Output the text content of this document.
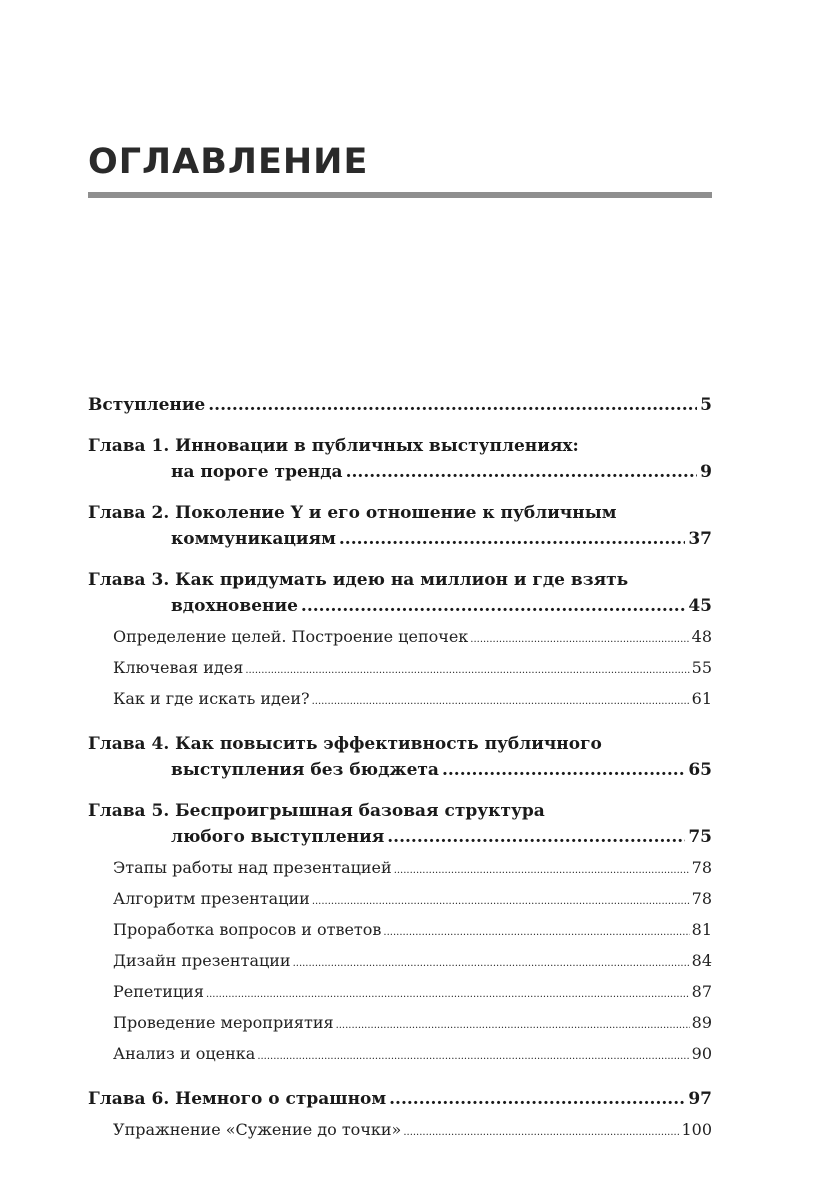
ОГЛАВЛЕНИЕ
Вступление .....	5
Глава 1.
Инновации в публичных выступлениях:
на пороге тренда .....	9
Глава 2.
Поколение Y и его отношение к публичным
коммуникациям .....	37
Глава 3.
Как придумать идею на миллион и где взять
вдохновение .....	45
Определение целей. Построение цепочек .....	48
Ключевая идея .....	55
Как и где искать идеи? .....	61
Глава 4.
Как повысить эффективность публичного
выступления без бюджета .....	65
Глава 5.
Беспроигрышная базовая структура
любого выступления .....	75
Этапы работы над презентацией .....	78
Алгоритм презентации .....	78
Проработка вопросов и ответов .....	81
Дизайн презентации .....	84
Репетиция .....	87
Проведение мероприятия .....	89
Анализ и оценка .....	90
Глава 6.
Немного о страшном .....	97
Упражнение «Сужение до точки» .....	100
